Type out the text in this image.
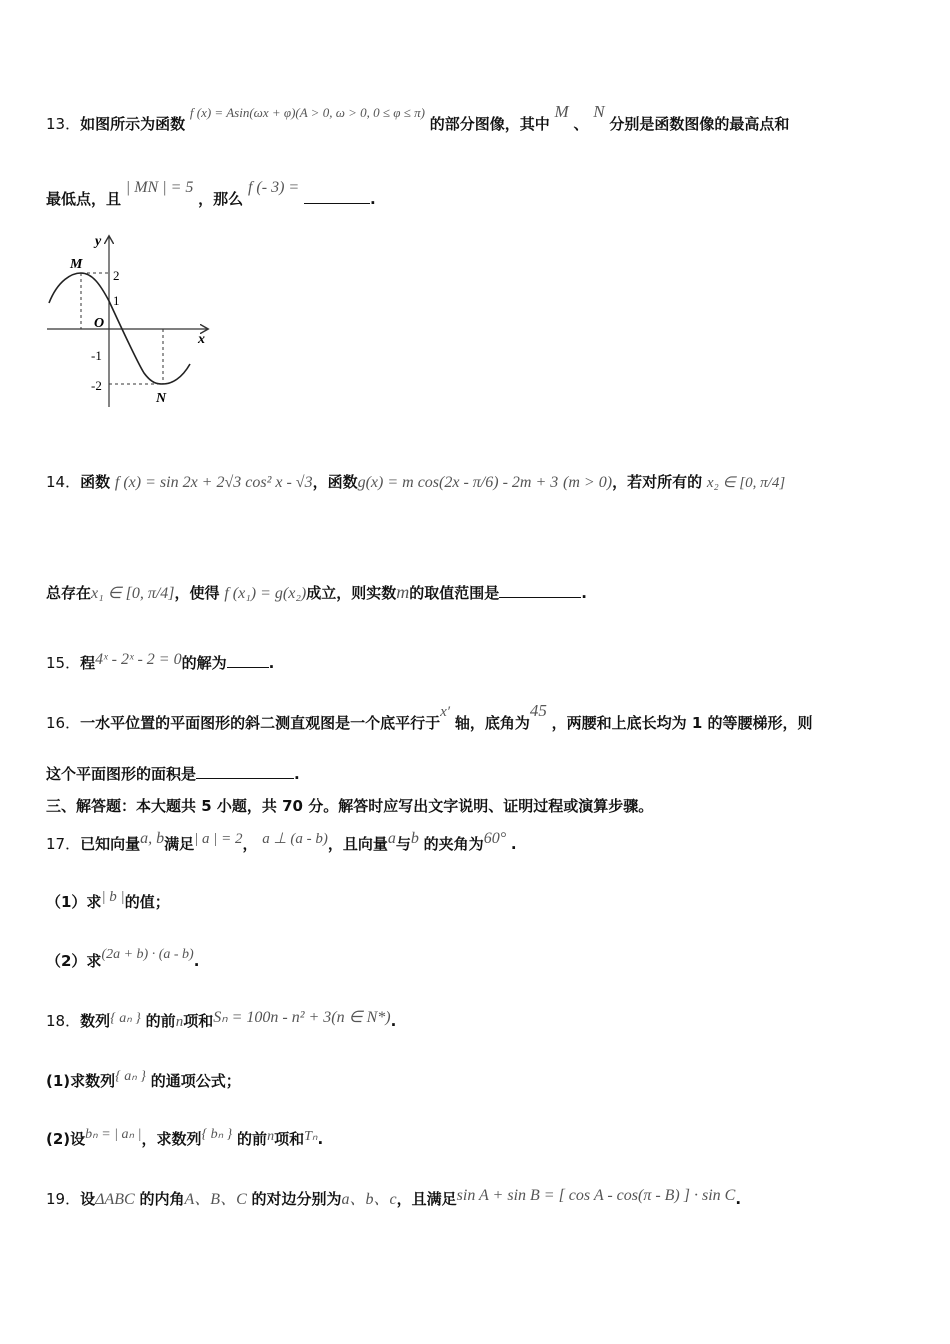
13．如图所示为函数 f (x) = Asin(ωx + φ)(A > 0, ω > 0, 0 ≤ φ ≤ π) 的部分图像，其中 M 、 N 分别是函数图像的最高点和
最低点，且 | MN | = 5 ，那么 f (- 3) = .
y
x
O
M
N
2
1
-1
-2
14．函数 f (x) = sin 2x + 2√3 cos² x - √3，函数g(x) = m cos(2x - π/6) - 2m + 3 (m > 0)，若对所有的 x₂ ∈ [0, π/4]
总存在x₁ ∈ [0, π/4]，使得 f (x₁) = g(x₂)成立，则实数m的取值范围是	.
15．程4ˣ - 2ˣ - 2 = 0的解为	.
16．一水平位置的平面图形的斜二测直观图是一个底平行于x′ 轴，底角为45 ，两腰和上底长均为 1 的等腰梯形，则
这个平面图形的面积是	.
三、解答题：本大题共 5 小题，共 70 分。解答时应写出文字说明、证明过程或演算步骤。
17．已知向量a, b满足| a | = 2， a ⊥ (a - b)，且向量a与b 的夹角为60° .
（1）求| b |的值；
（2）求(2a + b) · (a - b).
18．数列{ aₙ } 的前n项和Sₙ = 100n - n² + 3(n ∈ N*).
(1)求数列{ aₙ } 的通项公式；
(2)设bₙ = | aₙ |，求数列{ bₙ } 的前n项和Tₙ.
19．设ΔABC 的内角A、B、C 的对边分别为a、b、c，且满足sin A + sin B = [ cos A - cos(π - B) ] · sin C.
